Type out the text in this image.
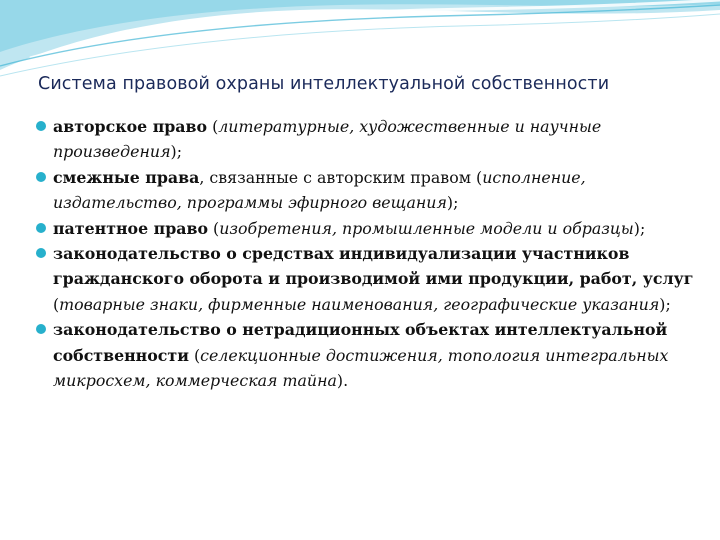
Система правовой охраны интеллектуальной собственности
авторское право (литературные, художественные и научные произведения);
смежные права, связанные с авторским правом (исполнение, издательство, программы эфирного вещания);
патентное право (изобретения, промышленные модели и образцы);
законодательство о средствах индивидуализации участников гражданского оборота и производимой ими продукции, работ, услуг (товарные знаки, фирменные наименования, географические указания);
законодательство о нетрадиционных объектах интеллектуальной собственности (селекционные достижения, топология интегральных микросхем, коммерческая тайна).
